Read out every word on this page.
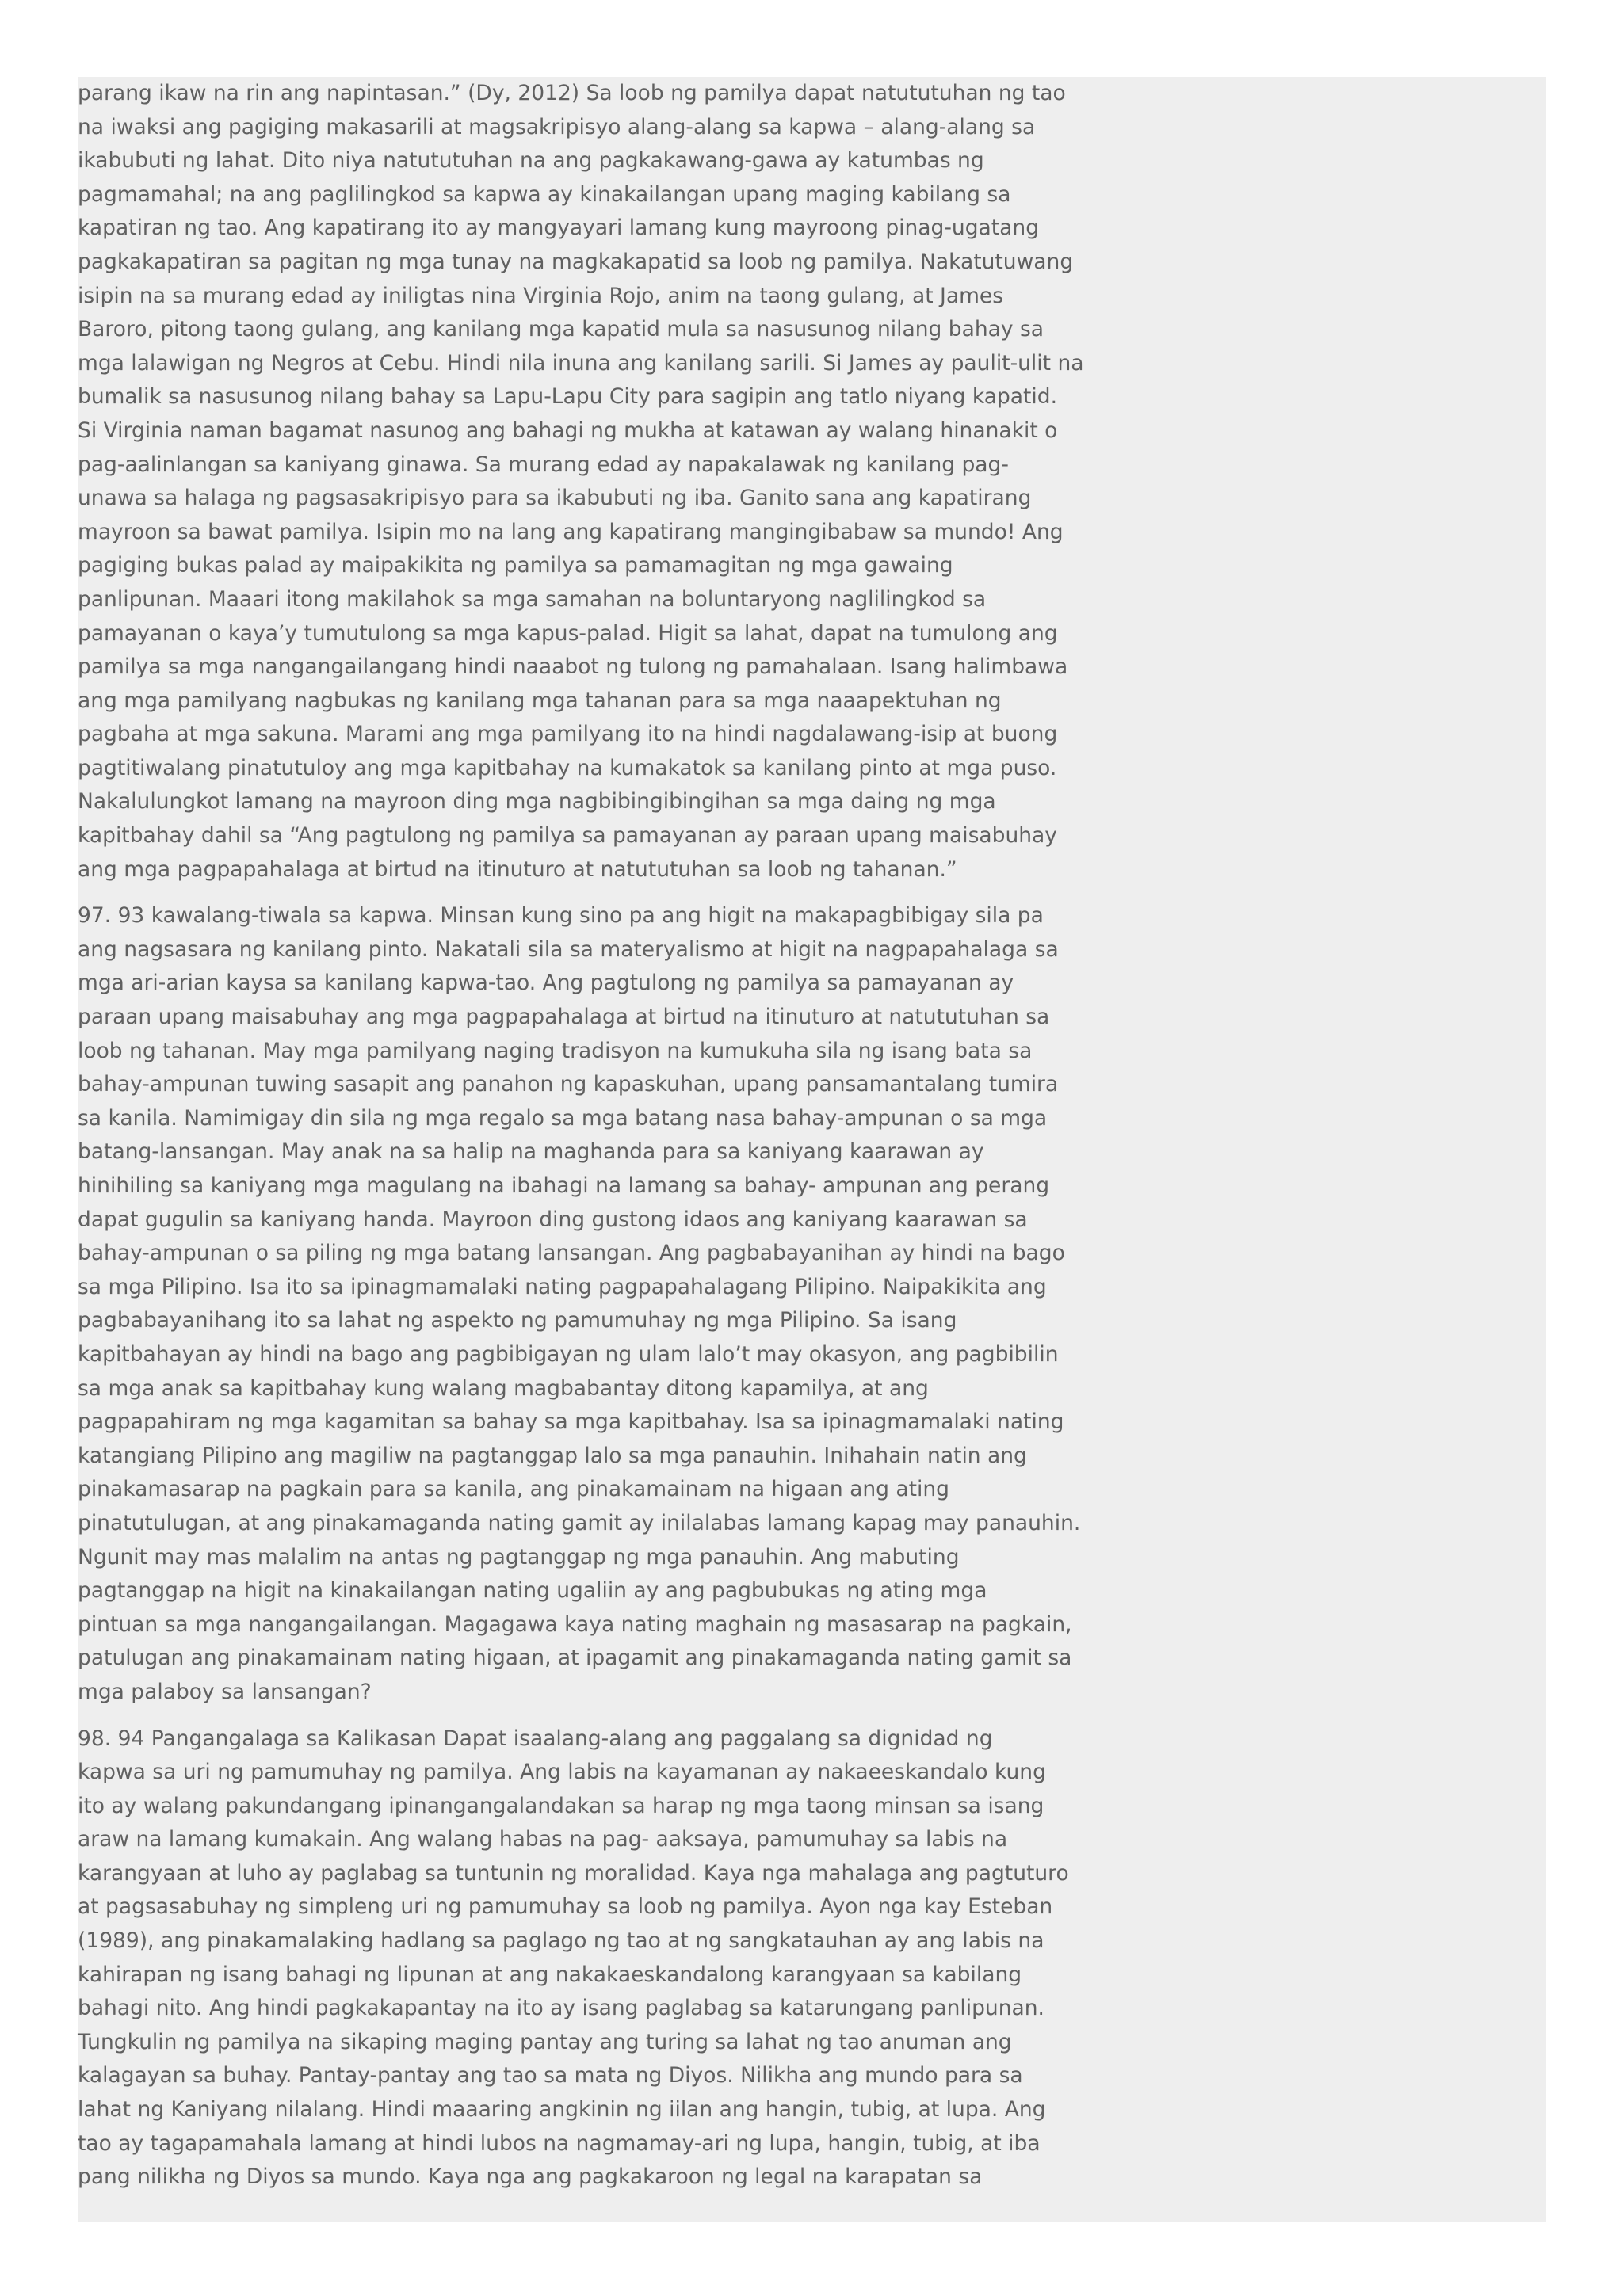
parang ikaw na rin ang napintasan.” (Dy, 2012) Sa loob ng pamilya dapat natututuhan ng tao
na iwaksi ang pagiging makasarili at magsakripisyo alang-alang sa kapwa – alang-alang sa
ikabubuti ng lahat. Dito niya natututuhan na ang pagkakawang-gawa ay katumbas ng
pagmamahal; na ang paglilingkod sa kapwa ay kinakailangan upang maging kabilang sa
kapatiran ng tao. Ang kapatirang ito ay mangyayari lamang kung mayroong pinag-ugatang
pagkakapatiran sa pagitan ng mga tunay na magkakapatid sa loob ng pamilya. Nakatutuwang
isipin na sa murang edad ay iniligtas nina Virginia Rojo, anim na taong gulang, at James
Baroro, pitong taong gulang, ang kanilang mga kapatid mula sa nasusunog nilang bahay sa
mga lalawigan ng Negros at Cebu. Hindi nila inuna ang kanilang sarili. Si James ay paulit-ulit na
bumalik sa nasusunog nilang bahay sa Lapu-Lapu City para sagipin ang tatlo niyang kapatid.
Si Virginia naman bagamat nasunog ang bahagi ng mukha at katawan ay walang hinanakit o
pag-aalinlangan sa kaniyang ginawa. Sa murang edad ay napakalawak ng kanilang pag-
unawa sa halaga ng pagsasakripisyo para sa ikabubuti ng iba. Ganito sana ang kapatirang
mayroon sa bawat pamilya. Isipin mo na lang ang kapatirang mangingibabaw sa mundo! Ang
pagiging bukas palad ay maipakikita ng pamilya sa pamamagitan ng mga gawaing
panlipunan. Maaari itong makilahok sa mga samahan na boluntaryong naglilingkod sa
pamayanan o kaya’y tumutulong sa mga kapus-palad. Higit sa lahat, dapat na tumulong ang
pamilya sa mga nangangailangang hindi naaabot ng tulong ng pamahalaan. Isang halimbawa
ang mga pamilyang nagbukas ng kanilang mga tahanan para sa mga naaapektuhan ng
pagbaha at mga sakuna. Marami ang mga pamilyang ito na hindi nagdalawang-isip at buong
pagtitiwalang pinatutuloy ang mga kapitbahay na kumakatok sa kanilang pinto at mga puso.
Nakalulungkot lamang na mayroon ding mga nagbibingibingihan sa mga daing ng mga
kapitbahay dahil sa “Ang pagtulong ng pamilya sa pamayanan ay paraan upang maisabuhay
ang mga pagpapahalaga at birtud na itinuturo at natututuhan sa loob ng tahanan.”
97. 93 kawalang-tiwala sa kapwa. Minsan kung sino pa ang higit na makapagbibigay sila pa
ang nagsasara ng kanilang pinto. Nakatali sila sa materyalismo at higit na nagpapahalaga sa
mga ari-arian kaysa sa kanilang kapwa-tao. Ang pagtulong ng pamilya sa pamayanan ay
paraan upang maisabuhay ang mga pagpapahalaga at birtud na itinuturo at natututuhan sa
loob ng tahanan. May mga pamilyang naging tradisyon na kumukuha sila ng isang bata sa
bahay-ampunan tuwing sasapit ang panahon ng kapaskuhan, upang pansamantalang tumira
sa kanila. Namimigay din sila ng mga regalo sa mga batang nasa bahay-ampunan o sa mga
batang-lansangan. May anak na sa halip na maghanda para sa kaniyang kaarawan ay
hinihiling sa kaniyang mga magulang na ibahagi na lamang sa bahay- ampunan ang perang
dapat gugulin sa kaniyang handa. Mayroon ding gustong idaos ang kaniyang kaarawan sa
bahay-ampunan o sa piling ng mga batang lansangan. Ang pagbabayanihan ay hindi na bago
sa mga Pilipino. Isa ito sa ipinagmamalaki nating pagpapahalagang Pilipino. Naipakikita ang
pagbabayanihang ito sa lahat ng aspekto ng pamumuhay ng mga Pilipino. Sa isang
kapitbahayan ay hindi na bago ang pagbibigayan ng ulam lalo’t may okasyon, ang pagbibilin
sa mga anak sa kapitbahay kung walang magbabantay ditong kapamilya, at ang
pagpapahiram ng mga kagamitan sa bahay sa mga kapitbahay. Isa sa ipinagmamalaki nating
katangiang Pilipino ang magiliw na pagtanggap lalo sa mga panauhin. Inihahain natin ang
pinakamasarap na pagkain para sa kanila, ang pinakamainam na higaan ang ating
pinatutulugan, at ang pinakamaganda nating gamit ay inilalabas lamang kapag may panauhin.
Ngunit may mas malalim na antas ng pagtanggap ng mga panauhin. Ang mabuting
pagtanggap na higit na kinakailangan nating ugaliin ay ang pagbubukas ng ating mga
pintuan sa mga nangangailangan. Magagawa kaya nating maghain ng masasarap na pagkain,
patulugan ang pinakamainam nating higaan, at ipagamit ang pinakamaganda nating gamit sa
mga palaboy sa lansangan?
98. 94 Pangangalaga sa Kalikasan Dapat isaalang-alang ang paggalang sa dignidad ng
kapwa sa uri ng pamumuhay ng pamilya. Ang labis na kayamanan ay nakaeeskandalo kung
ito ay walang pakundangang ipinangangalandakan sa harap ng mga taong minsan sa isang
araw na lamang kumakain. Ang walang habas na pag- aaksaya, pamumuhay sa labis na
karangyaan at luho ay paglabag sa tuntunin ng moralidad. Kaya nga mahalaga ang pagtuturo
at pagsasabuhay ng simpleng uri ng pamumuhay sa loob ng pamilya. Ayon nga kay Esteban
(1989), ang pinakamalaking hadlang sa paglago ng tao at ng sangkatauhan ay ang labis na
kahirapan ng isang bahagi ng lipunan at ang nakakaeskandalong karangyaan sa kabilang
bahagi nito. Ang hindi pagkakapantay na ito ay isang paglabag sa katarungang panlipunan.
Tungkulin ng pamilya na sikaping maging pantay ang turing sa lahat ng tao anuman ang
kalagayan sa buhay. Pantay-pantay ang tao sa mata ng Diyos. Nilikha ang mundo para sa
lahat ng Kaniyang nilalang. Hindi maaaring angkinin ng iilan ang hangin, tubig, at lupa. Ang
tao ay tagapamahala lamang at hindi lubos na nagmamay-ari ng lupa, hangin, tubig, at iba
pang nilikha ng Diyos sa mundo. Kaya nga ang pagkakaroon ng legal na karapatan sa
